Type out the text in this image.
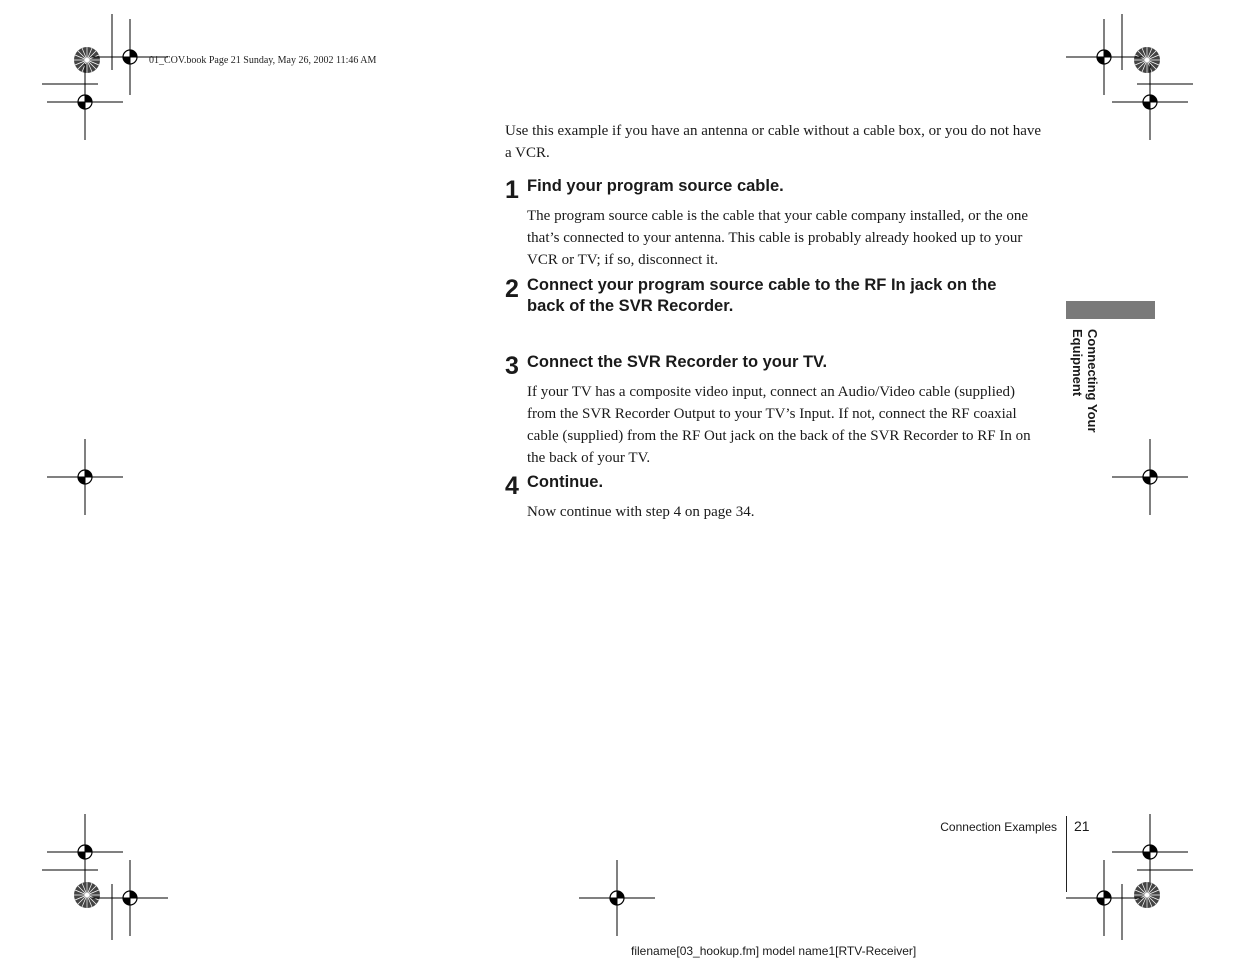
01_COV.book Page 21 Sunday, May 26, 2002 11:46 AM
Use this example if you have an antenna or cable without a cable box, or you do not have a VCR.
1 Find your program source cable.
The program source cable is the cable that your cable company installed, or the one that’s connected to your antenna. This cable is probably already hooked up to your VCR or TV; if so, disconnect it.
2 Connect your program source cable to the RF In jack on the back of the SVR Recorder.
3 Connect the SVR Recorder to your TV.
If your TV has a composite video input, connect an Audio/Video cable (supplied) from the SVR Recorder Output to your TV’s Input. If not, connect the RF coaxial cable (supplied) from the RF Out jack on the back of the SVR Recorder to RF In on the back of your TV.
4 Continue.
Now continue with step 4 on page 34.
Connecting Your Equipment
Connection Examples 21
filename[03_hookup.fm] model name1[RTV-Receiver]
